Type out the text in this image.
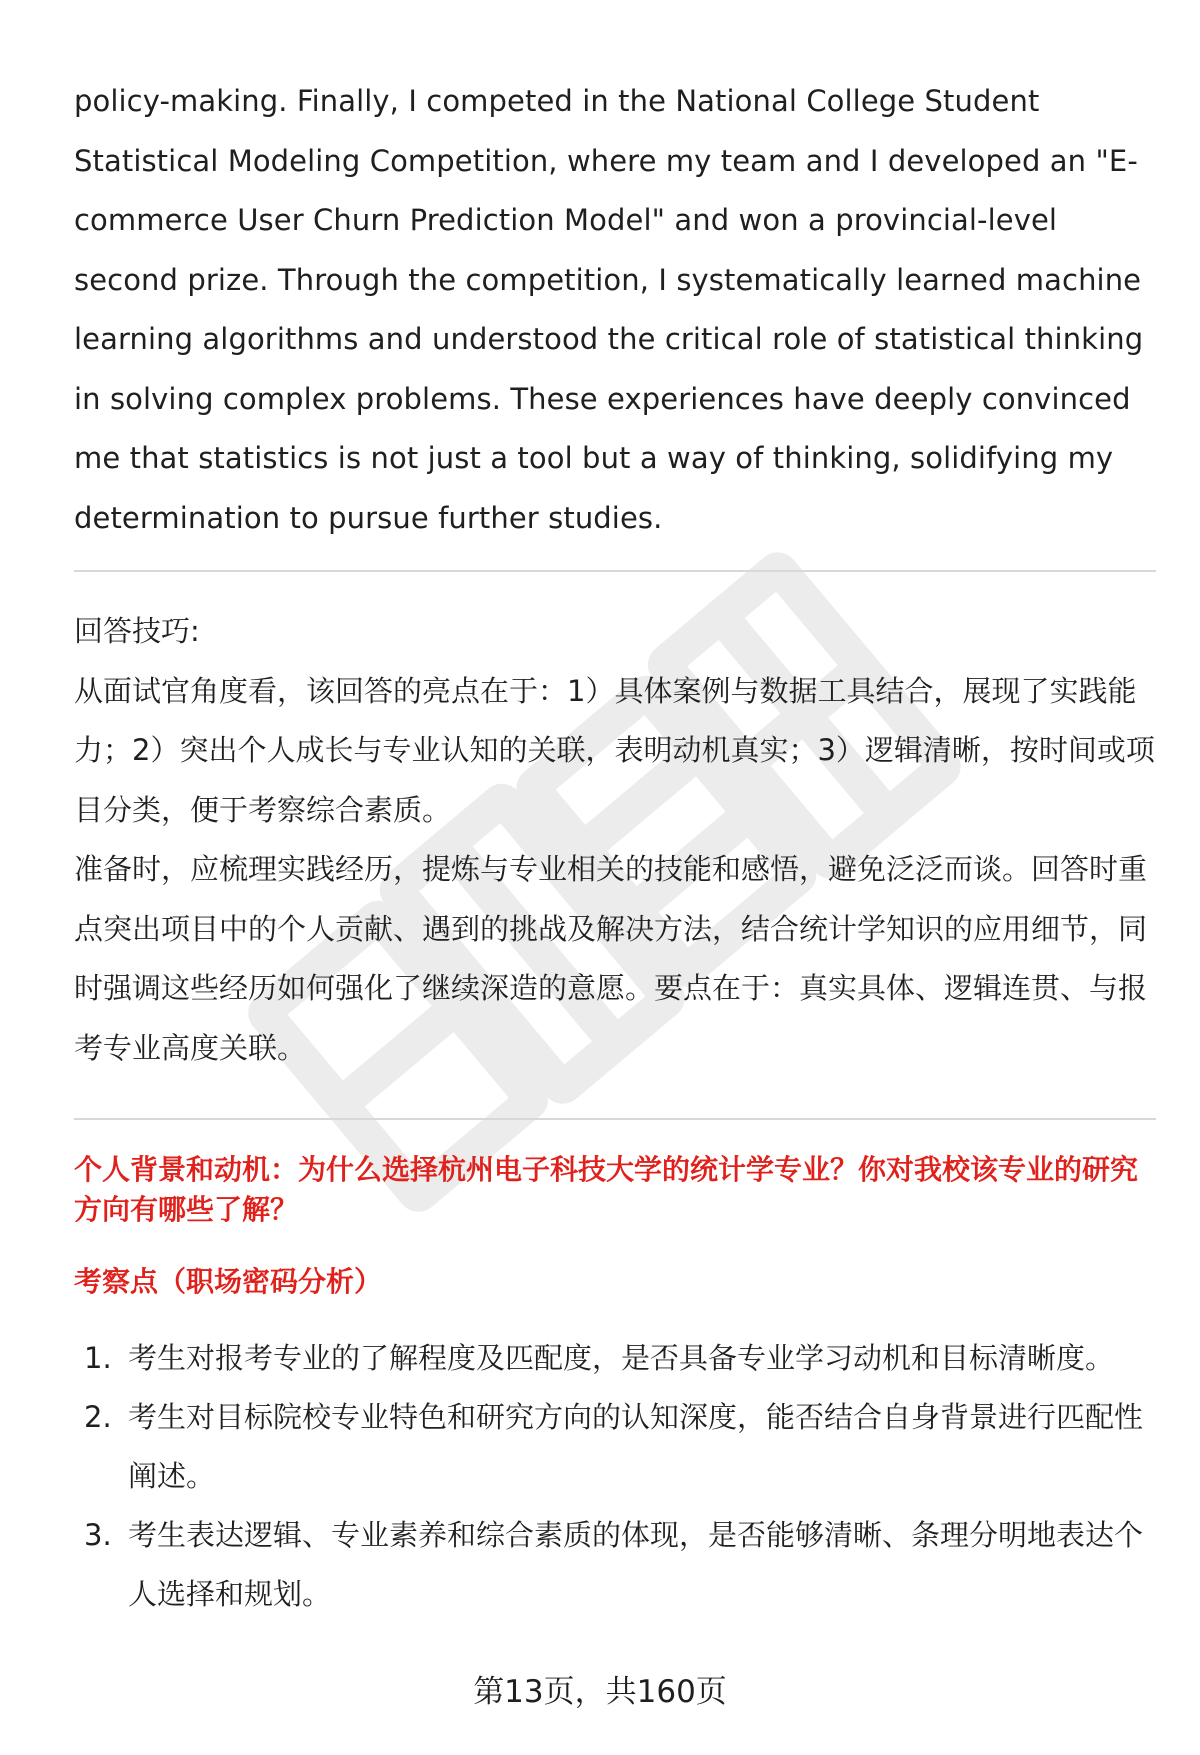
policy-making. Finally, I competed in the National College Student Statistical Modeling Competition, where my team and I developed an "E-commerce User Churn Prediction Model" and won a provincial-level second prize. Through the competition, I systematically learned machine learning algorithms and understood the critical role of statistical thinking in solving complex problems. These experiences have deeply convinced me that statistics is not just a tool but a way of thinking, solidifying my determination to pursue further studies.

回答技巧:

从面试官角度看，该回答的亮点在于：1）具体案例与数据工具结合，展现了实践能力；2）突出个人成长与专业认知的关联，表明动机真实；3）逻辑清晰，按时间或项目分类，便于考察综合素质。

准备时，应梳理实践经历，提炼与专业相关的技能和感悟，避免泛泛而谈。回答时重点突出项目中的个人贡献、遇到的挑战及解决方法，结合统计学知识的应用细节，同时强调这些经历如何强化了继续深造的意愿。要点在于：真实具体、逻辑连贯、与报考专业高度关联。

个人背景和动机：为什么选择杭州电子科技大学的统计学专业？你对我校该专业的研究方向有哪些了解？
考察点（职场密码分析）
1. 考生对报考专业的了解程度及匹配度，是否具备专业学习动机和目标清晰度。
2. 考生对目标院校专业特色和研究方向的认知深度，能否结合自身背景进行匹配性阐述。
3. 考生表达逻辑、专业素养和综合素质的体现，是否能够清晰、条理分明地表达个人选择和规划。
第13页，共160页
